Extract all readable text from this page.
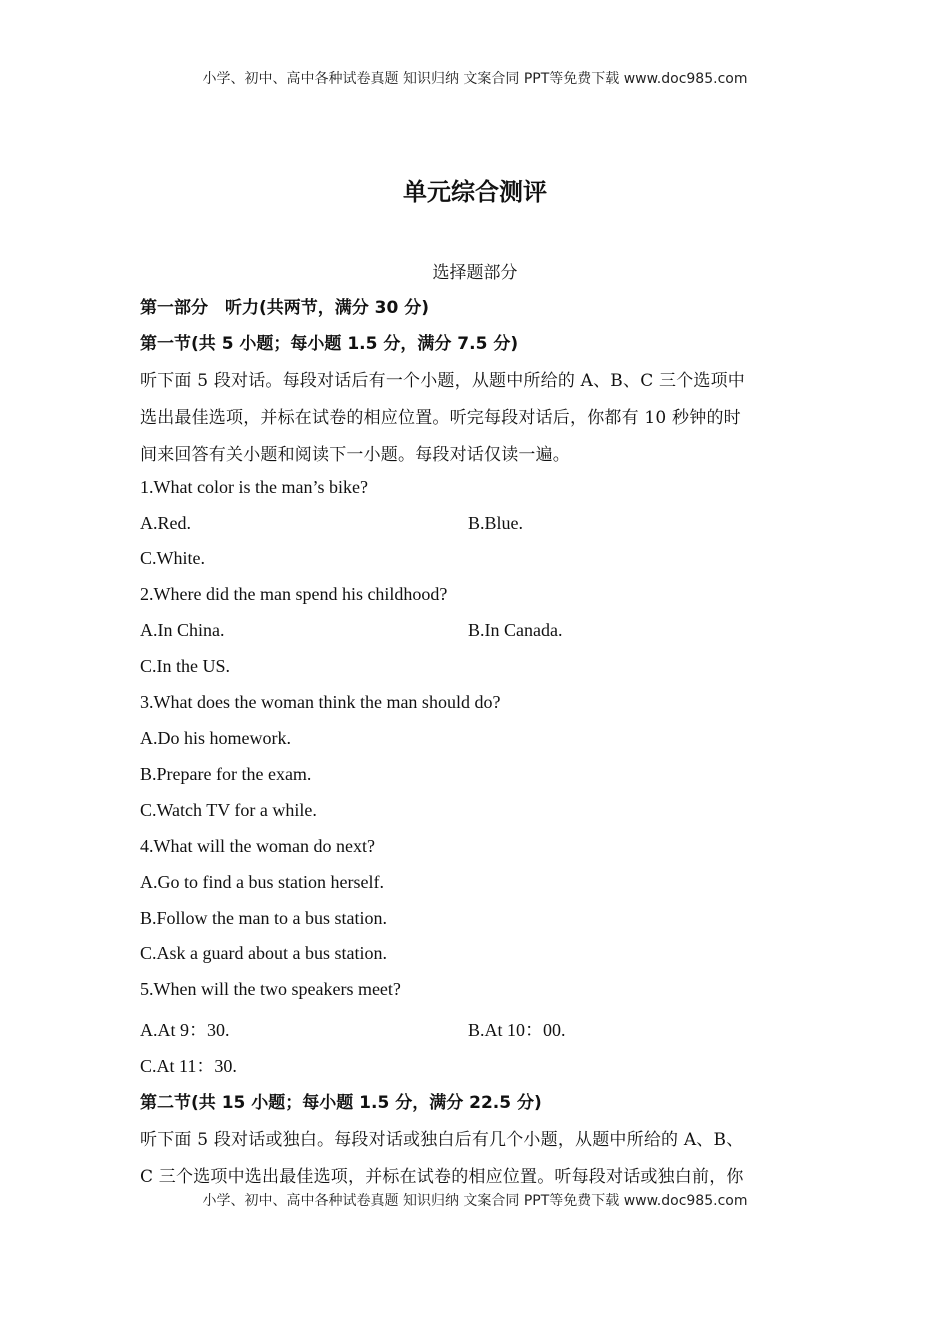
小学、初中、高中各种试卷真题 知识归纳 文案合同 PPT等免费下载 www.doc985.com
单元综合测评
选择题部分
第一部分　听力(共两节，满分 30 分)
第一节(共 5 小题；每小题 1.5 分，满分 7.5 分)
听下面 5 段对话。每段对话后有一个小题，从题中所给的 A、B、C 三个选项中
选出最佳选项，并标在试卷的相应位置。听完每段对话后，你都有 10 秒钟的时
间来回答有关小题和阅读下一小题。每段对话仅读一遍。
1.What color is the man’s bike?
A.Red.	B.Blue.
C.White.
2.Where did the man spend his childhood?
A.In China.	B.In Canada.
C.In the US.
3.What does the woman think the man should do?
A.Do his homework.
B.Prepare for the exam.
C.Watch TV for a while.
4.What will the woman do next?
A.Go to find a bus station herself.
B.Follow the man to a bus station.
C.Ask a guard about a bus station.
5.When will the two speakers meet?
A.At 9：30.	B.At 10：00.
C.At 11：30.
第二节(共 15 小题；每小题 1.5 分，满分 22.5 分)
听下面 5 段对话或独白。每段对话或独白后有几个小题，从题中所给的 A、B、
C 三个选项中选出最佳选项，并标在试卷的相应位置。听每段对话或独白前，你
小学、初中、高中各种试卷真题 知识归纳 文案合同 PPT等免费下载 www.doc985.com
